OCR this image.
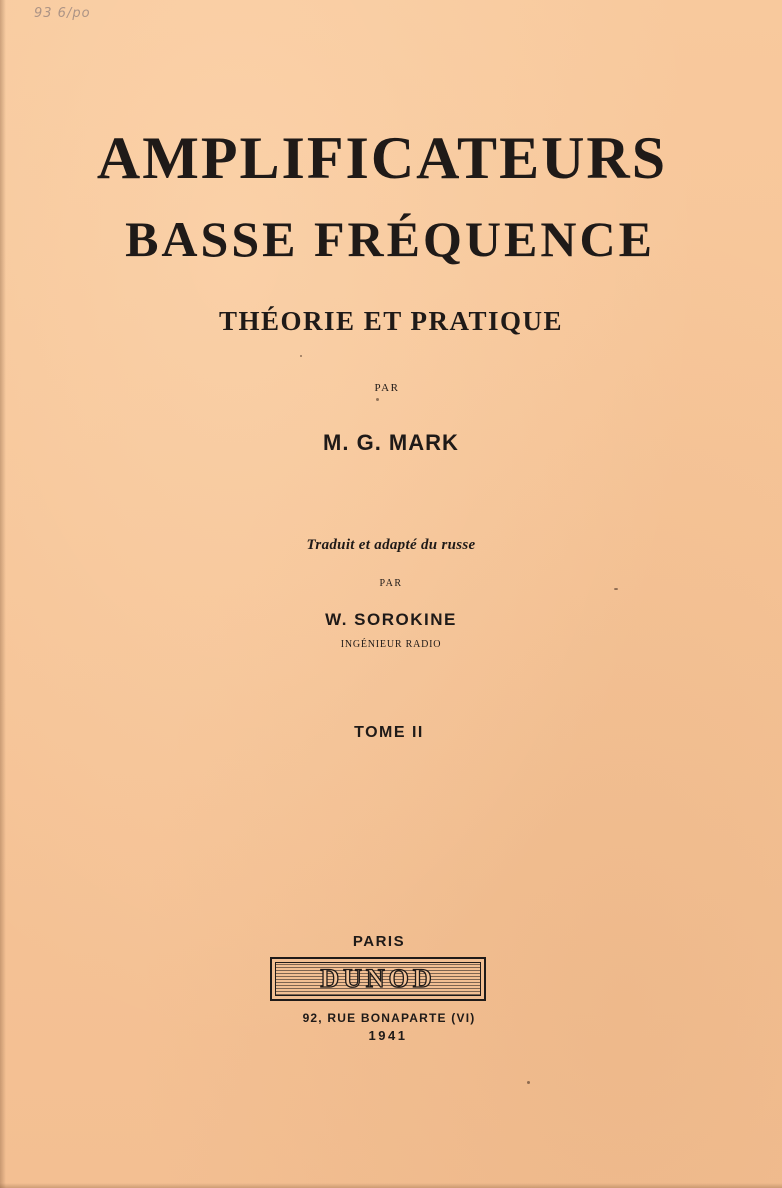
93 6/po
AMPLIFICATEURS
BASSE FRÉQUENCE
THÉORIE ET PRATIQUE
PAR
M. G. MARK
Traduit et adapté du russe
PAR
W. SOROKINE
INGÉNIEUR RADIO
TOME II
PARIS
DUNOD
92, RUE BONAPARTE (VI)
1941
